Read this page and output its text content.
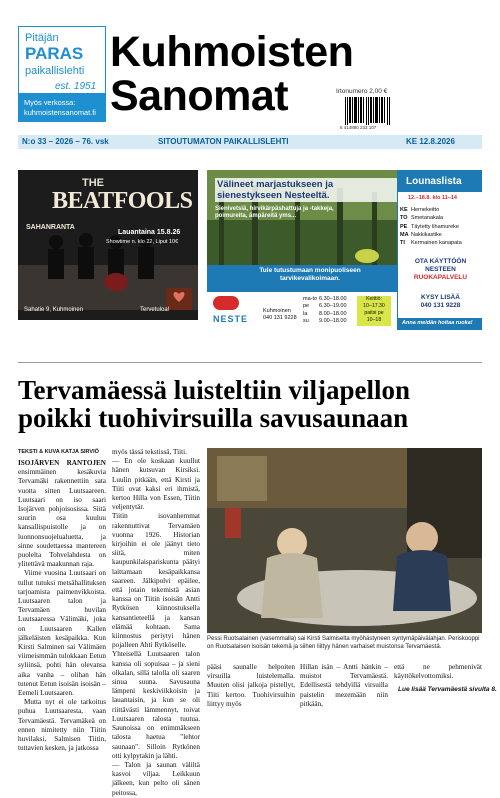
Pitäjän
PARAS
paikallislehti
est. 1951
Myös verkossa:
kuhmoistensanomat.fi
Kuhmoisten
Sanomat	Irtonumero 2,00 €
6 414880 233 107
N:o 33 – 2026 – 76. vsk	SITOUTUMATON PAIKALLISLEHTI	KE 12.8.2026
THE
BEATFOOLS
SAHANRANTA
Lauantaina 15.8.26
Showtime n. klo 22, Liput 10€
Sahatie 9, Kuhmoinen	Tervetuloa!
Välineet marjastukseen ja sienestykseen Nesteeltä.
Sienivetsiä, hirvikärpäshattuja ja -takkeja, poimureita, ämpäreitä yms...
Tule tutustumaan monipuoliseen tarvikevalikoimaan.
Lounaslista
12.–18.8. klo 11–14
KE Hernekeitto
TO Smetanakala
PE Täytetty lihamureke
MA Nakkikastike
TI Kermainen kanapata
OTA KÄYTTÖÖN
NESTEEN
RUOKAPALVELU
KYSY LISÄÄ
040 131 9228
Anna meidän hoitaa ruoka!
NESTE
Kuhmoinen
040 131 9228
ma-to 6.30–18.00
pe 6.30–19.00
la 8.00–18.00
su 9.00–18.00
Keittiö:
10–17.30
paitsi pe
10–18
Tervamäessä luisteltiin viljapellon poikki tuohivirsuilla savusaunaan
TEKSTI & KUVA KATJA SIRVIÖ

ISOJÄRVEN RANTOJEN ensimmäinen kesäkuvia Tervamäki rakennettiin sata vuotta sitten Luutsaareen. Luutsaari on iso saari Isojärven pohjoisosissa. Siitä suurin osa kuuluu kansallispuistolle ja on luonnonsuojelualuetta, ja sinne soudettaessa mantereen puolelta Tohvelahdesta on ylitettävä maakunnan raja.

Viime vuosina Luutsaari on tullut tutuksi metsähallituksen tarjoamista paimenvikkoista. Luutsaaren talon ja Tervamäen huvilan Luutsaaressa Välimäki, joka on Luutsaaren Kallen jälkeläisten kesäpaikka. Kun Kirsti Salminen sai Välimäen viimeismmän tulokkaan Eetun syliinsä, pohti hän olevansa aika vanha – olihan hän tutenut Eetun isoisän isoisän – Eemeli Luutsaaren.

Mutta nyt ei ole tarkoitus puhua Luutsaaresta, vaan Tervamäestä. Tervamäkeä on ennen nimitetty niin Tiitin huvilaksi, Salmisen Tiitin, tuttavien kesken, ja jatkossa

myös tässä tekstissä, Tiiti.
— En ole koskaan kuullut hänen kutsuvan Kirsiksi. Luulin pitkään, että Kirsti ja Tiiti ovat kaksi eri ihmistä, kertoo Hilla von Essen, Tiitin veljentytär.
Tiitin isovanhemmat rakennuttivat Tervamäen vuonna 1926. Historian kirjoihin ei ole jäänyt tieto siitä, miten kaupunkilaispariskunta päätyi laittamaan kesäpaikkansa saareen. Jälkipolvi epäilee, että jotain tekemistä asian kanssa on Tiitin isoisän Antti Rytkösen kiinnostuksella kansantieteellä ja kansan elämää kohtaan. Sama kiinnostus periytyi hänen pojalleen Ahti Rytköselle.
Yhteisellä Luutsaaren talon kanssa oli sopuisaa – ja sieni olkalan, sillä talolla oli saaren sinua suuna. Savusauna lämpeni keskiviikkoisin ja lauantaisin, ja kun se oli riittävästi lämmennyt, toivat Luutsaaren talosta tuutua. Saunoissa on enimmäkseen talosta haetua "lehtor saunaan". Silloin Rytkönen otti kylpytakin ja lähti.
— Talon ja saunan väliltä kasvoi viljaa. Leikkuun jälkeen, kun pelto oli sänen peitossa,
Pessi Ruotsalainen (vasemmalla) sai Kirsti Salmiselta myöhästyneen syntymäpäivälahjan. Periskooppi on Ruotsalaisen isoisän tekemä ja siihen liittyy hänen varhaiset muistonsa Tervamäestä.
pääsi saunalle helpoiten virsuilla luistelemalla. Muuten olisi jalkoja pistellyt, Tiiti kertoo. Tuohivirsuihin liittyy myös
Hillan isän – Antti hänkin – muistot Tervamäestä. Edellisestä tehdyillä virsuilla paistelin mezemään niin pitkään,
että ne pehmenivät käyttökelvottomiksi.
Lue lisää Tervamäestä sivulta 8.
